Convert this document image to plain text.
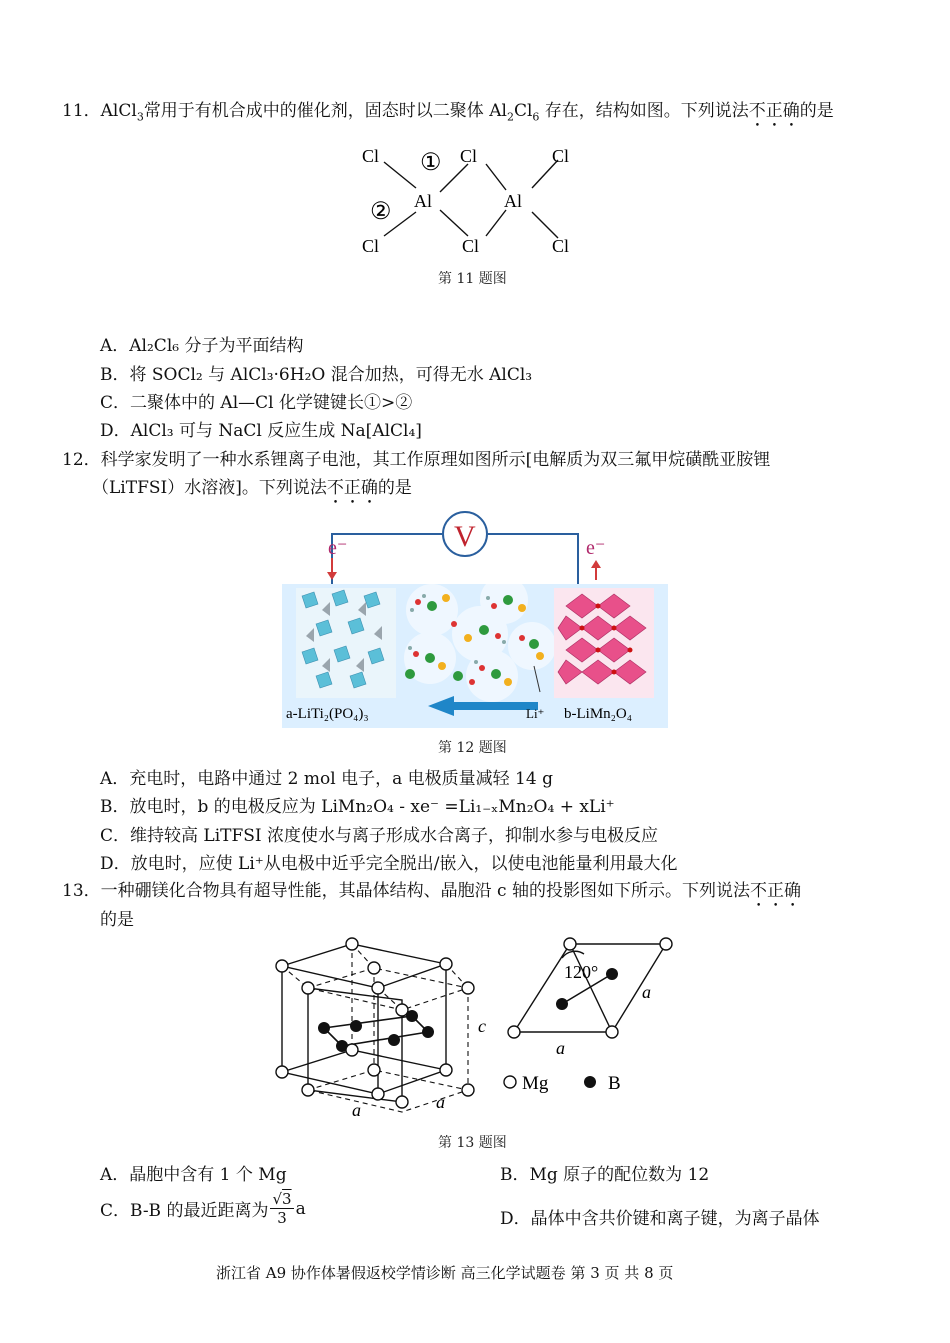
11．AlCl$_3$常用于有机合成中的催化剂，固态时以二聚体 $Al_2Cl_6$ 存在，结构如图。下列说法不正确的是
Cl	Cl	Cl
Al	Al
Cl	Cl	Cl
①
②
第 11 题图
A．Al₂Cl₆ 分子为平面结构
B．将 SOCl₂ 与 AlCl₃·6H₂O 混合加热，可得无水 AlCl₃
C．二聚体中的 Al—Cl 化学键键长①>②
D．AlCl₃ 可与 NaCl 反应生成 Na[AlCl₄]
12．科学家发明了一种水系锂离子电池，其工作原理如图所示[电解质为双三氟甲烷磺酰亚胺锂
（LiTFSI）水溶液]。下列说法不正确的是
V
e⁻	e⁻
a-LiTi₂(PO₄)₃	Li⁺ b-LiMn₂O₄
第 12 题图
A．充电时，电路中通过 2 mol 电子，a 电极质量减轻 14 g
B．放电时，b 的电极反应为 LiMn₂O₄ - xe⁻ =Li₁₋ₓMn₂O₄ + xLi⁺
C．维持较高 LiTFSI 浓度使水与离子形成水合离子，抑制水参与电极反应
D．放电时，应使 Li⁺从电极中近乎完全脱出/嵌入，以使电池能量利用最大化
13．一种硼镁化合物具有超导性能，其晶体结构、晶胞沿 c 轴的投影图如下所示。下列说法不正确
的是
a	a
c
120°
a
a
Mg	B
第 13 题图
A．晶胞中含有 1 个 Mg	B．Mg 原子的配位数为 12
C．B-B 的最近距离为 $\frac{√3}{3}$ a
D．晶体中含共价键和离子键，为离子晶体
浙江省 A9 协作体暑假返校学情诊断 高三化学试题卷 第 3 页 共 8 页
